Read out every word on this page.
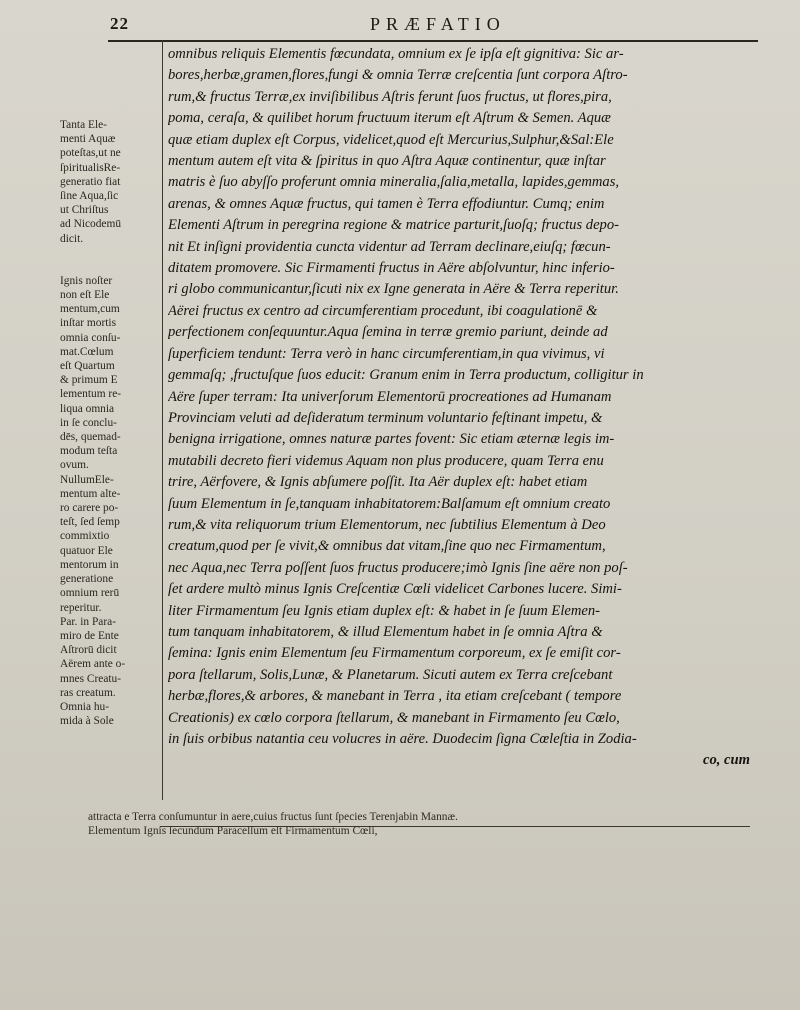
22	PRÆFATIO
Tanta Ele-
menti Aquæ
poteſtas,ut ne
ſpiritualisRe-
generatio fiat
ſine Aqua,ſic
ut Chriſtus
ad Nicodemū
dicit.
Ignis noſter
non eſt Ele
mentum,cum
inſtar mortis
omnia conſu-
mat.Cœlum
eſt Quartum
& primum E
lementum re-
liqua omnia
in ſe conclu-
dēs, quemad-
modum teſta
ovum.
NullumEle-
mentum alte-
ro carere po-
teſt, ſed ſemp
commixtio
quatuor Ele
mentorum in
generatione
omnium rerū
reperitur.
Par. in Para-
miro de Ente
Aſtrorū dicit
Aërem ante o-
mnes Creatu-
ras creatum.
Omnia hu-
mida à Sole
omnibus reliquis Elementis fœcundata, omnium ex ſe ipſa eſt gignitiva: Sic ar-
bores,herbæ,gramen,flores,fungi & omnia Terræ creſcentia ſunt corpora Aſtro-
rum,& fructus Terræ,ex inviſibilibus Aſtris ferunt ſuos fructus, ut flores,pira,
poma, ceraſa, & quilibet horum fructuum iterum eſt Aſtrum & Semen. Aquæ
quæ etiam duplex eſt Corpus, videlicet,quod eſt Mercurius,Sulphur,&Sal:Ele
mentum autem eſt vita & ſpiritus in quo Aſtra Aquæ continentur, quæ inſtar
matris è ſuo abyſſo proferunt omnia mineralia,ſalia,metalla, lapides,gemmas,
arenas, & omnes Aquæ fructus, qui tamen è Terra effodiuntur. Cumq; enim
Elementi Aſtrum in peregrina regione & matrice parturit,ſuoſq; fructus depo-
nit Et inſigni providentia cuncta videntur ad Terram declinare,eiuſq; fœcun-
ditatem promovere. Sic Firmamenti fructus in Aëre abſolvuntur, hinc inferio-
ri globo communicantur,ſicuti nix ex Igne generata in Aëre & Terra reperitur.
Aërei fructus ex centro ad circumferentiam procedunt, ibi coagulationē &
perfectionem conſequuntur.Aqua ſemina in terræ gremio pariunt, deinde ad
ſuperficiem tendunt: Terra verò in hanc circumferentiam,in qua vivimus, vi
gemmaſq; ,fructuſque ſuos educit: Granum enim in Terra productum, colligitur in
Aëre ſuper terram: Ita univerſorum Elementorū procreationes ad Humanam
Provinciam veluti ad deſideratum terminum voluntario feſtinant impetu, &
benigna irrigatione, omnes naturæ partes fovent: Sic etiam æternæ legis im-
mutabili decreto fieri videmus Aquam non plus producere, quam Terra enu
trire, Aërfovere, & Ignis abſumere poſſit. Ita Aër duplex eſt: habet etiam
ſuum Elementum in ſe,tanquam inhabitatorem:Balſamum eſt omnium creato
rum,& vita reliquorum trium Elementorum, nec ſubtilius Elementum à Deo
creatum,quod per ſe vivit,& omnibus dat vitam,ſine quo nec Firmamentum,
nec Aqua,nec Terra poſſent ſuos fructus producere;imò Ignis ſine aëre non poſ-
ſet ardere multò minus Ignis Creſcentiæ Cœli videlicet Carbones lucere. Simi-
liter Firmamentum ſeu Ignis etiam duplex eſt: & habet in ſe ſuum Elemen-
tum tanquam inhabitatorem, & illud Elementum habet in ſe omnia Aſtra &
ſemina: Ignis enim Elementum ſeu Firmamentum corporeum, ex ſe emiſit cor-
pora ſtellarum, Solis,Lunæ, & Planetarum. Sicuti autem ex Terra creſcebant
herbæ,flores,& arbores, & manebant in Terra , ita etiam creſcebant ( tempore
Creationis) ex cœlo corpora ſtellarum, & manebant in Firmamento ſeu Cœlo,
in ſuis orbibus natantia ceu volucres in aëre. Duodecim ſigna Cœleſtia in Zodia-
co, cum
attracta e Terra conſumuntur in aere,cuius fructus ſunt ſpecies Terenjabin Mannæ.
Elementum Ignis ſecundum Paracelſum eſt Firmamentum Cœli,
